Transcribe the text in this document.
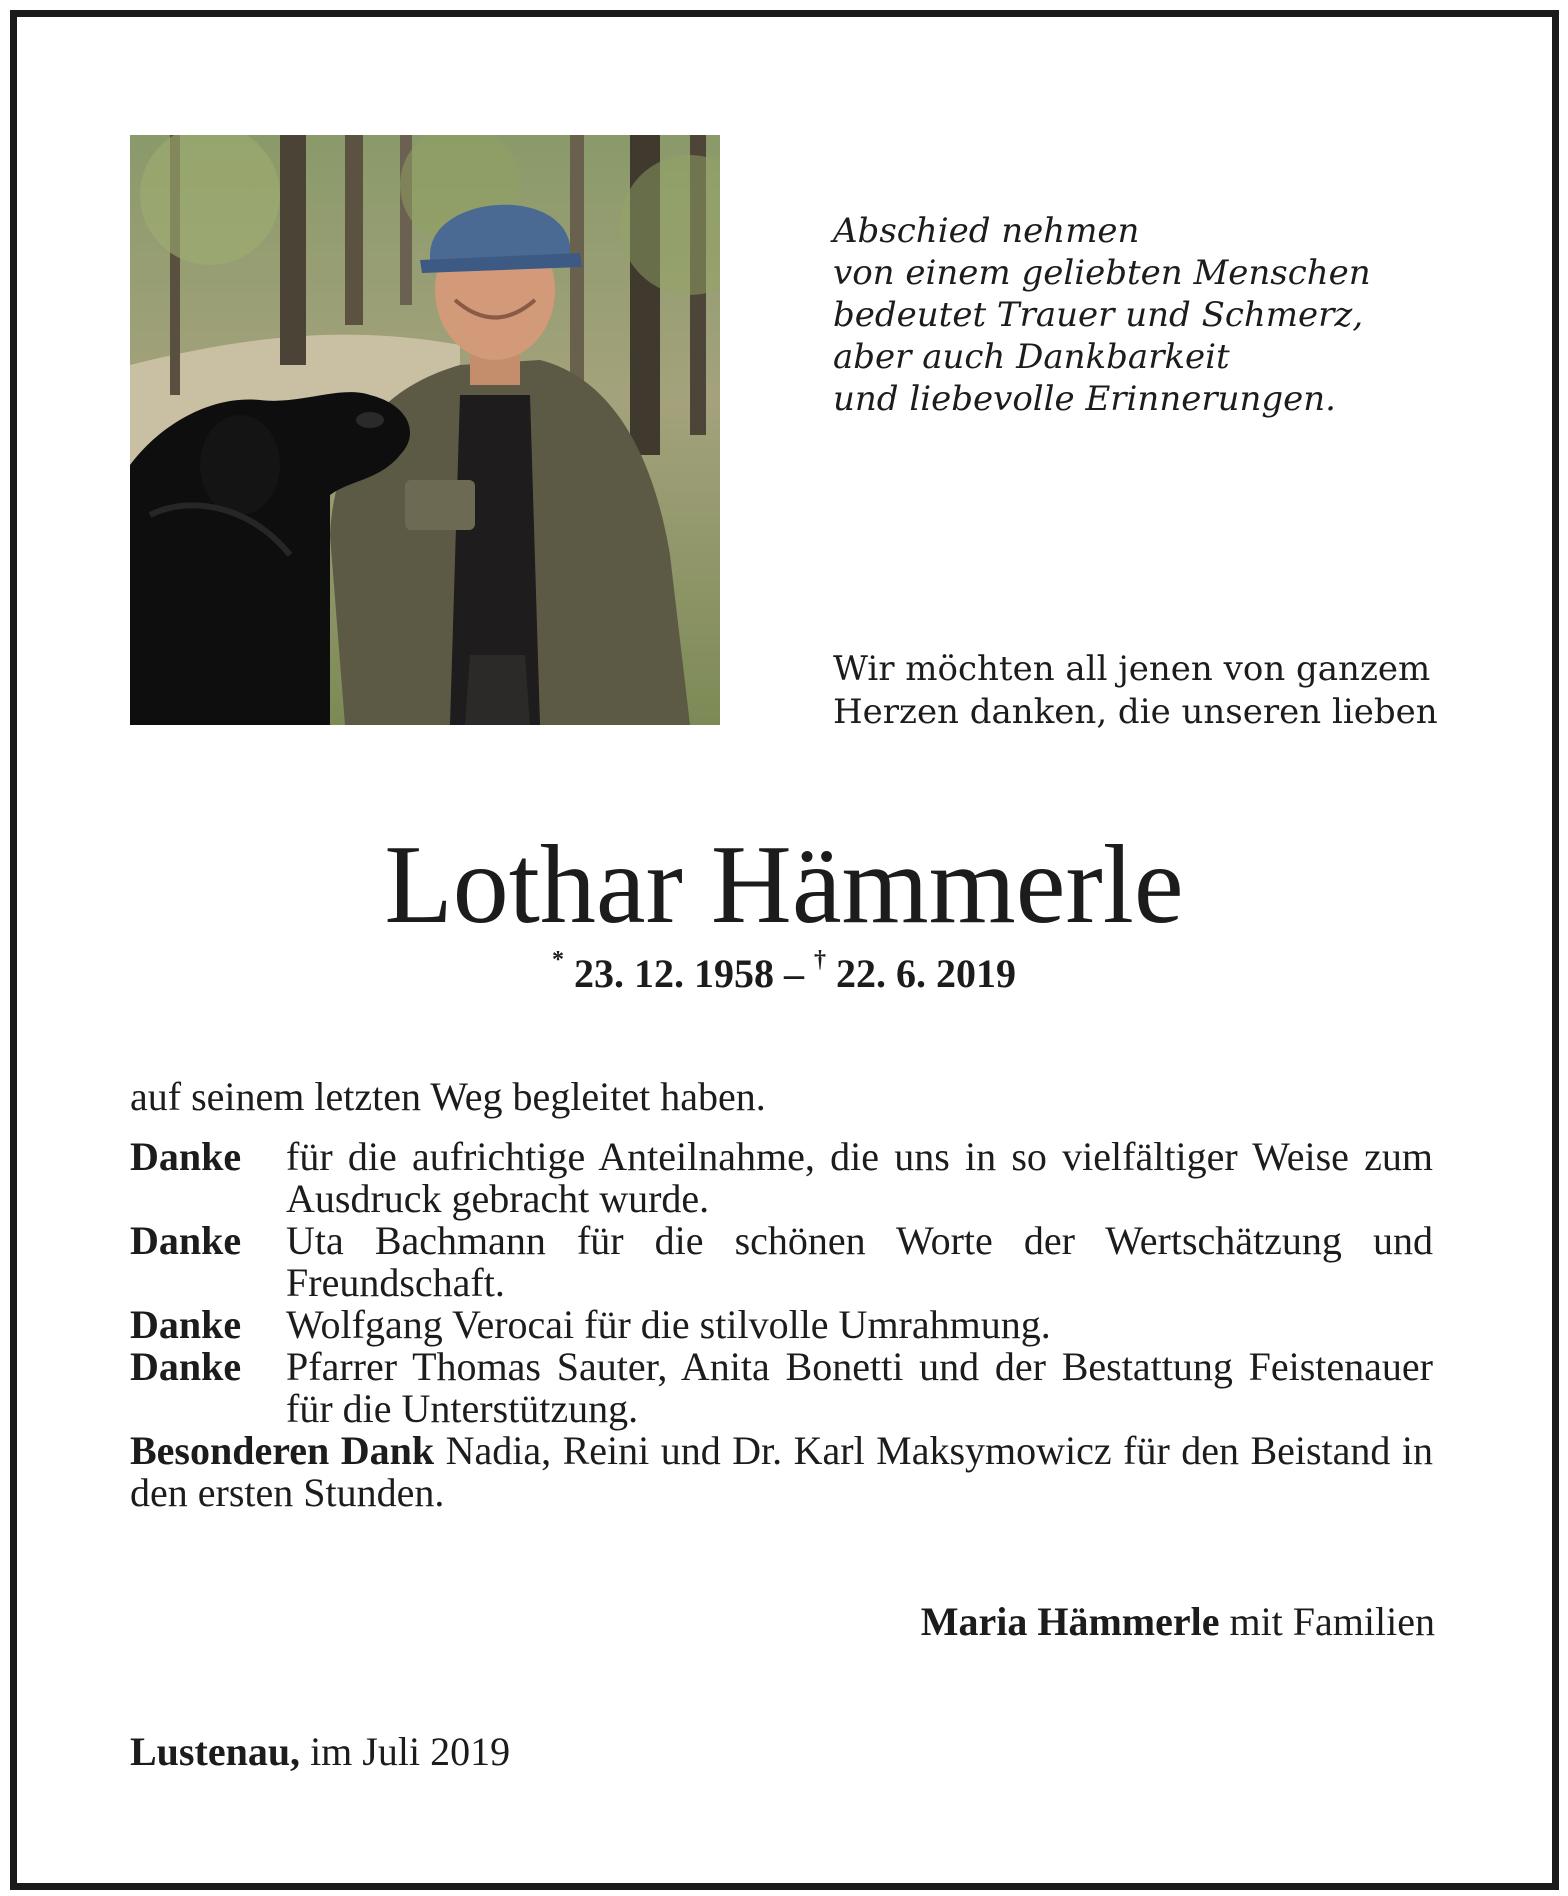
Abschied nehmen
von einem geliebten Menschen
bedeutet Trauer und Schmerz,
aber auch Dankbarkeit
und liebevolle Erinnerungen.
Wir möchten all jenen von ganzem
Herzen danken, die unseren lieben
Lothar Hämmerle
* 23. 12. 1958 – † 22. 6. 2019
auf seinem letzten Weg begleitet haben.
Danke	für die aufrichtige Anteilnahme, die uns in so vielfältiger Weise zum Ausdruck gebracht wurde.
Danke	Uta Bachmann für die schönen Worte der Wertschätzung und Freundschaft.
Danke	Wolfgang Verocai für die stilvolle Umrahmung.
Danke	Pfarrer Thomas Sauter, Anita Bonetti und der Bestattung Feistenauer für die Unterstützung.
Besonderen Dank Nadia, Reini und Dr. Karl Maksymowicz für den Beistand in den ersten Stunden.
Maria Hämmerle mit Familien
Lustenau, im Juli 2019
